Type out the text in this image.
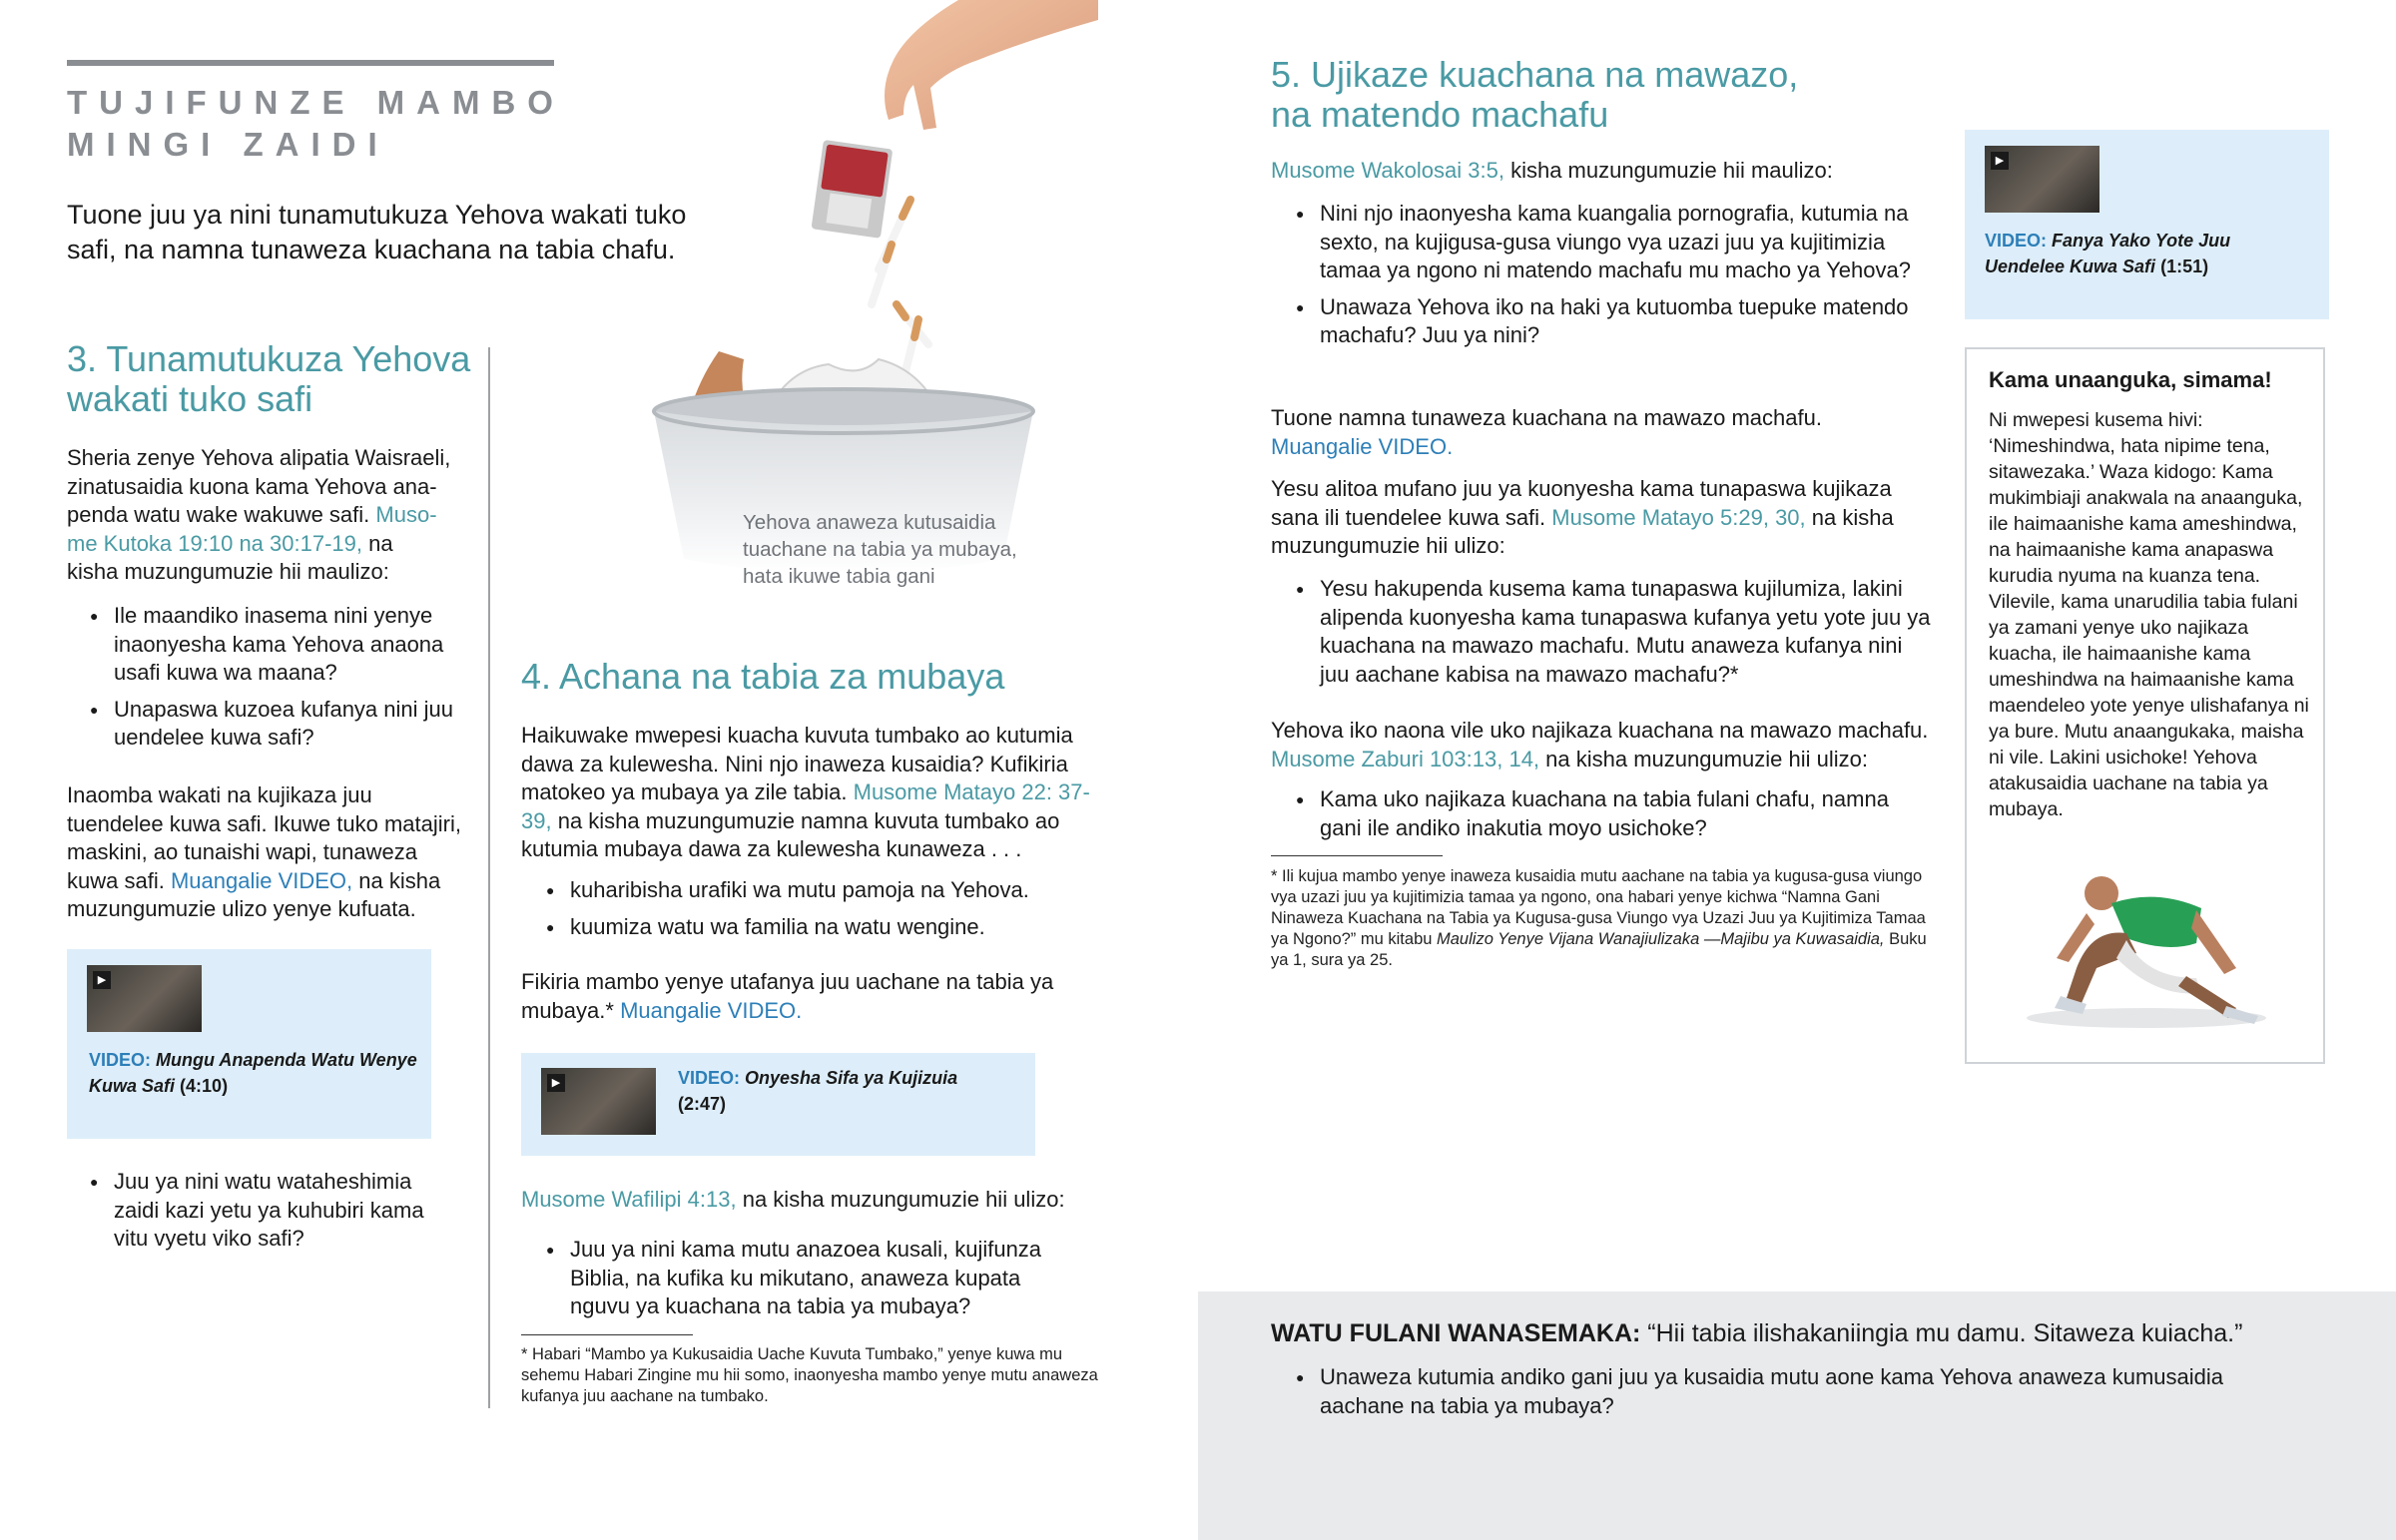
TUJIFUNZE MAMBO
MINGI ZAIDI

Tuone juu ya nini tunamutukuza Yehova wakati tuko safi, na namna tunaweza kuachana na tabia chafu.

Yehova anaweza kutusaidia tuachane na tabia ya mubaya, hata ikuwe tabia gani
3. Tunamutukuza Yehova
wakati tuko safi
Sheria zenye Yehova alipatia Waisraeli,
zinatusaidia kuona kama Yehova ana-
penda watu wake wakuwe safi. Muso-
me Kutoka 19:10 na 30:17-19, na
kisha muzungumuzie hii maulizo:
● Ile maandiko inasema nini yenye inaonyesha kama Yehova anaona usafi kuwa wa maana?
● Unapaswa kuzoea kufanya nini juu uendelee kuwa safi?

Inaomba wakati na kujikaza juu tuendelee kuwa safi. Ikuwe tuko matajiri, maskini, ao tunaishi wapi, tunaweza kuwa safi. Muangalie VIDEO, na kisha muzungumuzie ulizo yenye kufuata.

▶
VIDEO: Mungu Anapenda Watu Wenye Kuwa Safi (4:10)
● Juu ya nini watu wataheshimia zaidi kazi yetu ya kuhubiri kama vitu vyetu viko safi?
4. Achana na tabia za mubaya

Haikuwake mwepesi kuacha kuvuta tumbako ao kutumia dawa za kulewesha. Nini njo inaweza kusaidia? Kufikiria matokeo ya mubaya ya zile tabia. Musome Matayo 22: 37-39, na kisha muzungumuzie namna kuvuta tumbako ao kutumia mubaya dawa za kulewesha kunaweza . . .

● kuharibisha urafiki wa mutu pamoja na Yehova.
● kuumiza watu wa familia na watu wengine.

Fikiria mambo yenye utafanya juu uachane na tabia ya mubaya.* Muangalie VIDEO.

▶	VIDEO: Onyesha Sifa ya Kujizuia
(2:47)

Musome Wafilipi 4:13, na kisha muzungumuzie hii ulizo:

● Juu ya nini kama mutu anazoea kusali, kujifunza Biblia, na kufika ku mikutano, anaweza kupata nguvu ya kuachana na tabia ya mubaya?

* Habari “Mambo ya Kukusaidia Uache Kuvuta Tumbako,” yenye kuwa mu sehemu Habari Zingine mu hii somo, inaonyesha mambo yenye mutu anaweza kufanya juu aachane na tumbako.

5. Ujikaze kuachana na mawazo,
na matendo machafu

Musome Wakolosai 3:5, kisha muzungumuzie hii maulizo:

● Nini njo inaonyesha kama kuangalia pornografia, kutumia na sexto, na kujigusa-gusa viungo vya uzazi juu ya kujitimizia tamaa ya ngono ni matendo machafu mu macho ya Yehova?
● Unawaza Yehova iko na haki ya kutuomba tuepuke matendo machafu? Juu ya nini?

Tuone namna tunaweza kuachana na mawazo machafu.
Muangalie VIDEO.

Yesu alitoa mufano juu ya kuonyesha kama tunapaswa kujikaza sana ili tuendelee kuwa safi. Musome Matayo 5:29, 30, na kisha muzungumuzie hii ulizo:

● Yesu hakupenda kusema kama tunapaswa kujilumiza, lakini alipenda kuonyesha kama tunapaswa kufanya yetu yote juu ya kuachana na mawazo machafu. Mutu anaweza kufanya nini juu aachane kabisa na mawazo machafu?*

Yehova iko naona vile uko najikaza kuachana na mawazo machafu. Musome Zaburi 103:13, 14, na kisha muzungumuzie hii ulizo:

● Kama uko najikaza kuachana na tabia fulani chafu, namna gani ile andiko inakutia moyo usichoke?

* Ili kujua mambo yenye inaweza kusaidia mutu aachane na tabia ya kugusa-gusa viungo vya uzazi juu ya kujitimizia tamaa ya ngono, ona habari yenye kichwa “Namna Gani Ninaweza Kuachana na Tabia ya Kugusa-gusa Viungo vya Uzazi Juu ya Kujitimiza Tamaa ya Ngono?” mu kitabu Maulizo Yenye Vijana Wanajiulizaka —Majibu ya Kuwasaidia, Buku ya 1, sura ya 25.

▶
VIDEO: Fanya Yako Yote Juu Uendelee Kuwa Safi (1:51)
Kama unaanguka, simama!

Ni mwepesi kusema hivi: ‘Nimeshindwa, hata nipime tena, sitawezaka.’ Waza kidogo: Kama mukimbiaji anakwala na anaanguka, ile haimaanishe kama ameshindwa, na haimaanishe kama anapaswa kurudia nyuma na kuanza tena. Vilevile, kama unarudilia tabia fulani ya zamani yenye uko najikaza kuacha, ile haimaanishe kama umeshindwa na haimaanishe kama maendeleo yote yenye ulishafanya ni ya bure. Mutu anaangukaka, maisha ni vile. Lakini usichoke! Yehova atakusaidia uachane na tabia ya mubaya.

WATU FULANI WANASEMAKA: “Hii tabia ilishakaniingia mu damu. Sitaweza kuiacha.”

● Unaweza kutumia andiko gani juu ya kusaidia mutu aone kama Yehova anaweza kumusaidia aachane na tabia ya mubaya?
